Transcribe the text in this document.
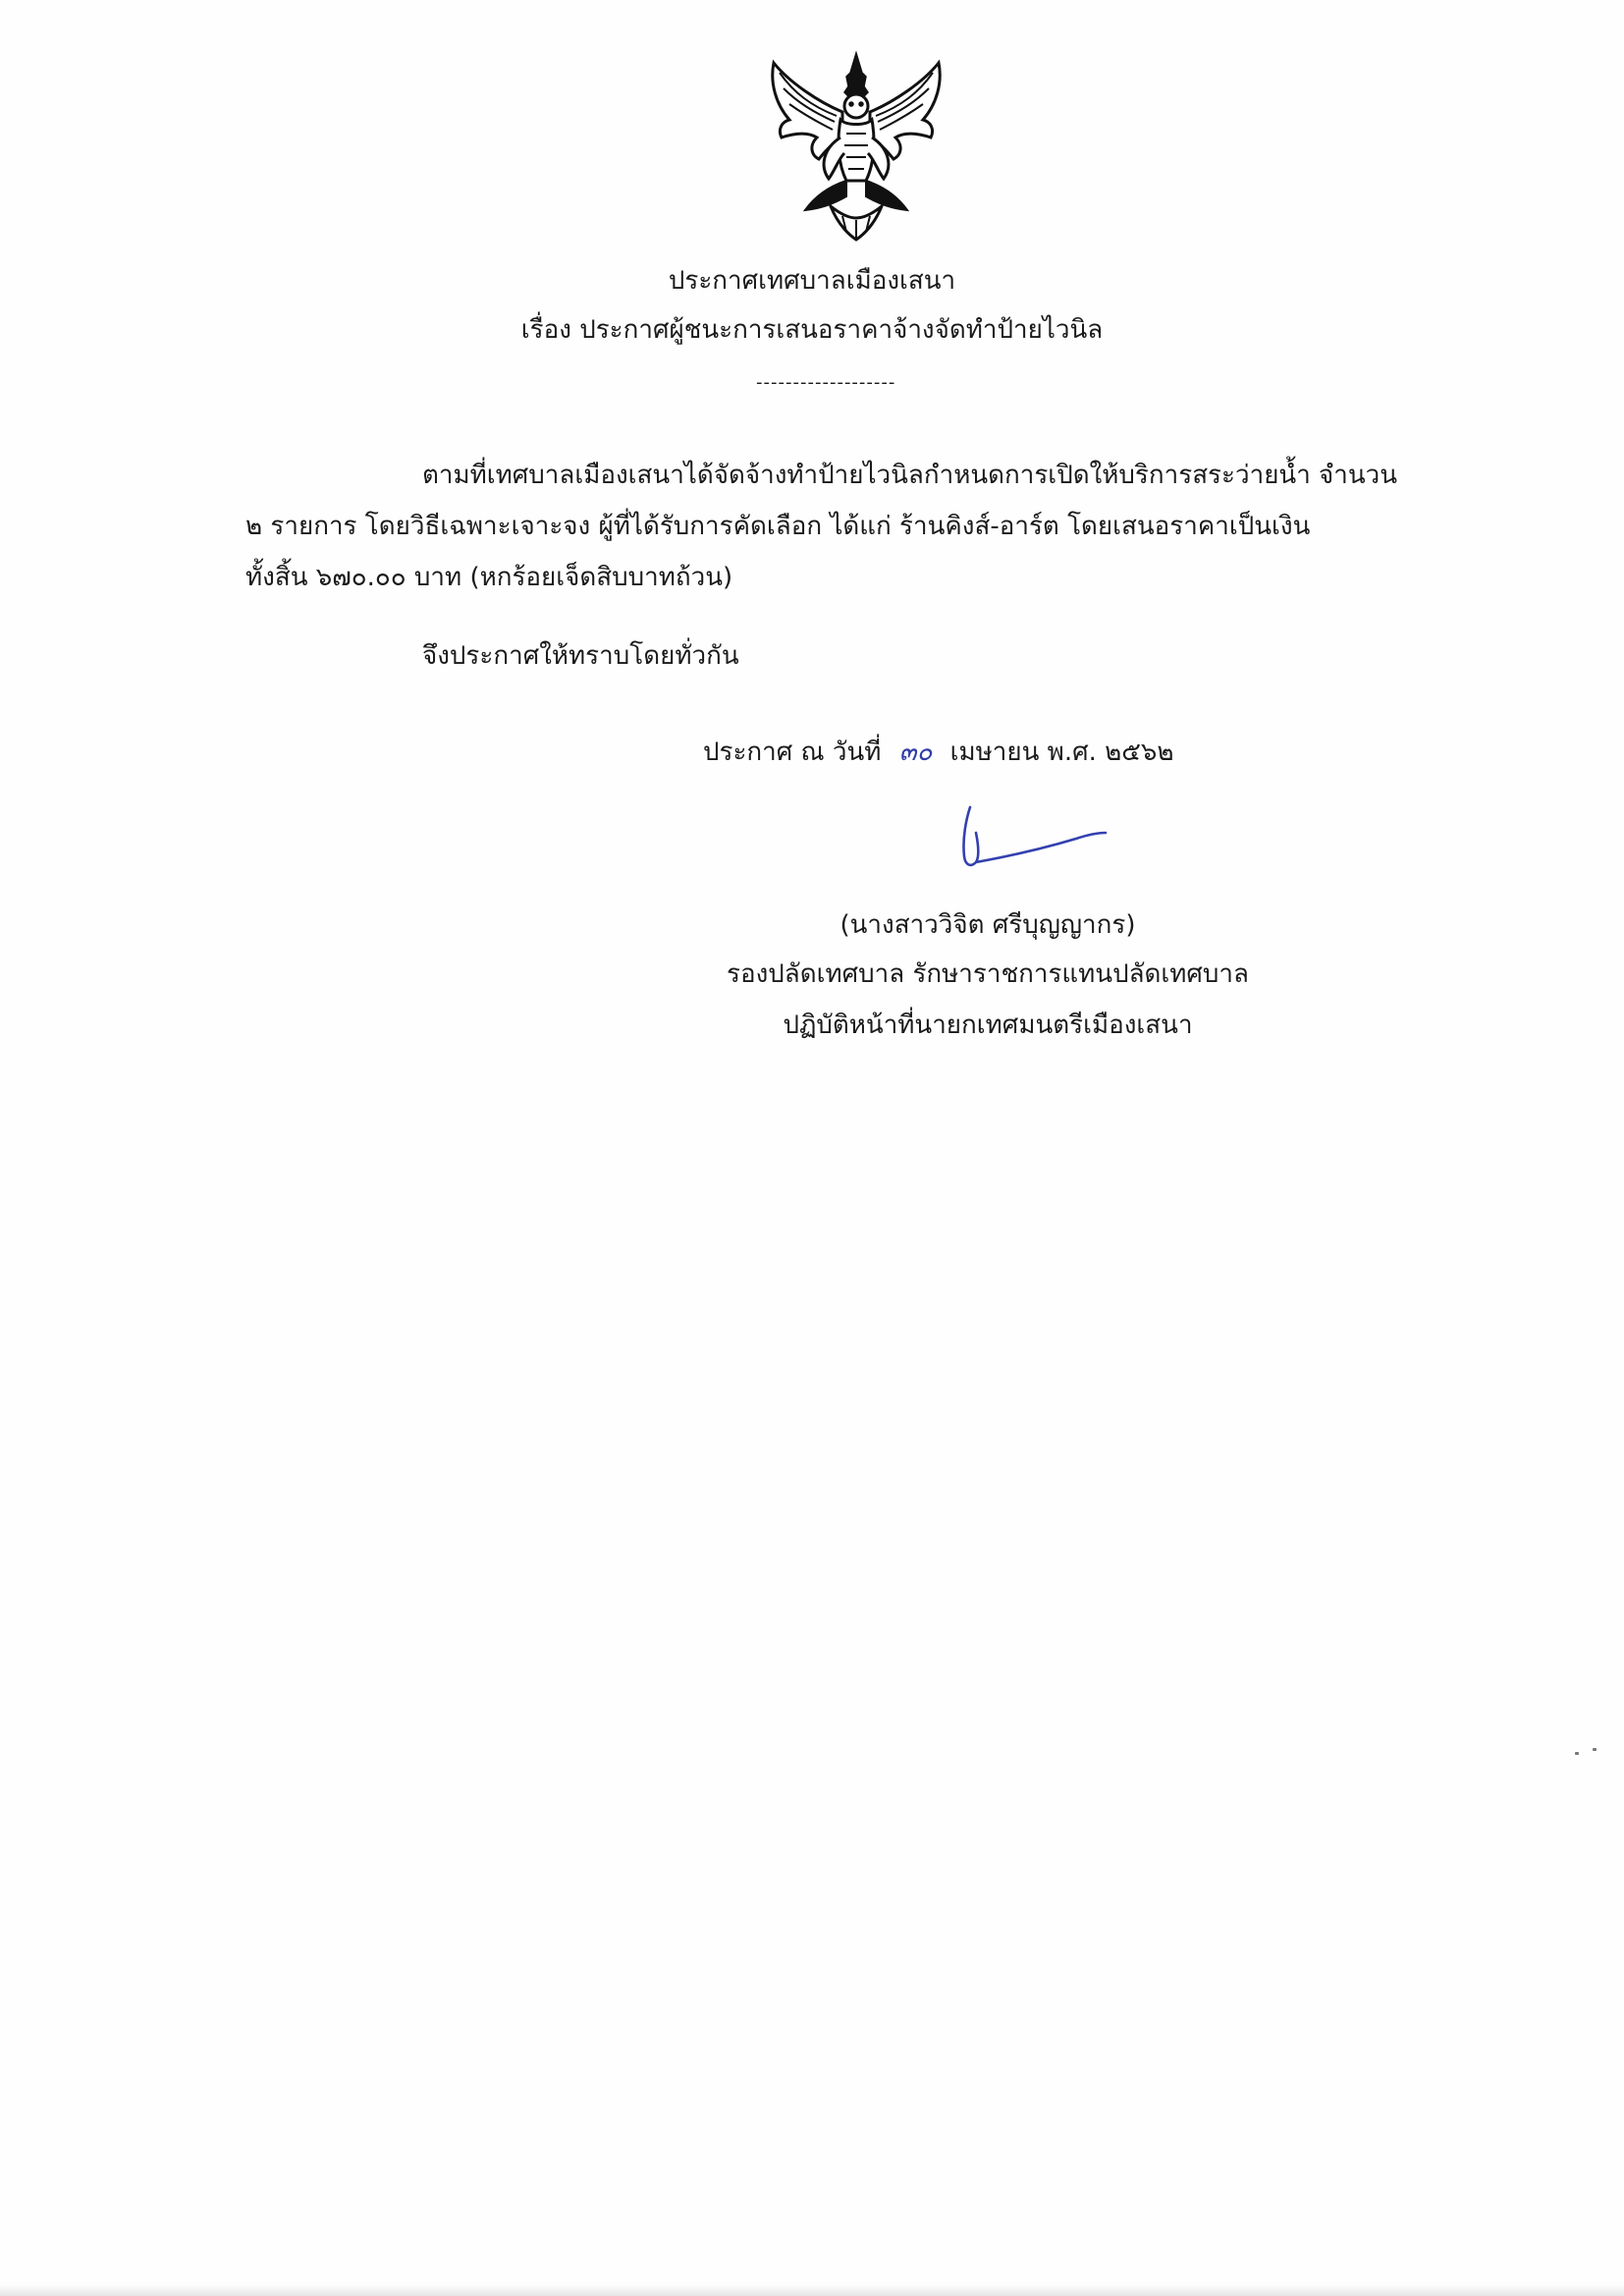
ประกาศเทศบาลเมืองเสนา
เรื่อง ประกาศผู้ชนะการเสนอราคาจ้างจัดทำป้ายไวนิล
-------------------
ตามที่เทศบาลเมืองเสนาได้จัดจ้างทำป้ายไวนิลกำหนดการเปิดให้บริการสระว่ายน้ำ จำนวน
๒ รายการ โดยวิธีเฉพาะเจาะจง ผู้ที่ได้รับการคัดเลือก ได้แก่ ร้านคิงส์-อาร์ต โดยเสนอราคาเป็นเงิน
ทั้งสิ้น ๖๗๐.๐๐ บาท (หกร้อยเจ็ดสิบบาทถ้วน)
จึงประกาศให้ทราบโดยทั่วกัน
ประกาศ ณ วันที่ ๓๐ เมษายน พ.ศ. ๒๕๖๒
(นางสาววิจิต ศรีบุญญากร)
รองปลัดเทศบาล รักษาราชการแทนปลัดเทศบาล
ปฏิบัติหน้าที่นายกเทศมนตรีเมืองเสนา
